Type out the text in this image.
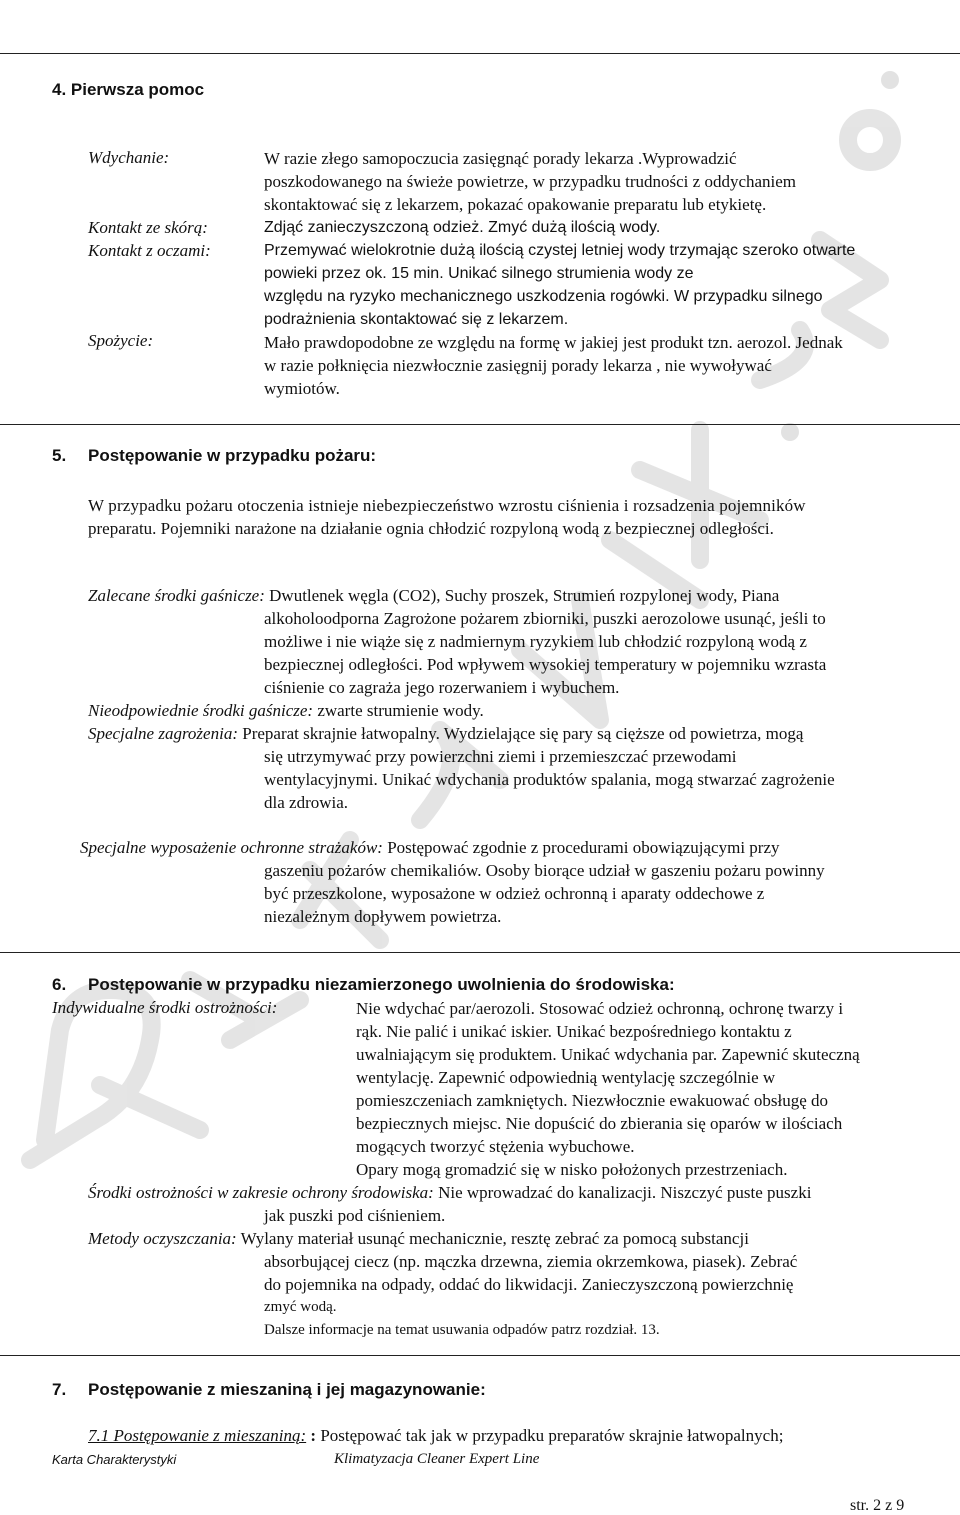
4. Pierwsza pomoc
Wdychanie:
Kontakt ze skórą:
Kontakt z oczami:
Spożycie:
W razie złego samopoczucia zasięgnąć porady lekarza .Wyprowadzić
poszkodowanego na świeże powietrze, w przypadku trudności z oddychaniem
skontaktować się z lekarzem, pokazać opakowanie preparatu lub etykietę.
Zdjąć zanieczyszczoną odzież. Zmyć dużą ilością wody.
Przemywać wielokrotnie dużą ilością czystej letniej wody trzymając szeroko otwarte
powieki przez ok. 15 min. Unikać silnego strumienia wody ze
względu na ryzyko mechanicznego uszkodzenia rogówki. W przypadku silnego
podrażnienia skontaktować się z lekarzem.
Mało prawdopodobne ze względu na formę w jakiej jest produkt tzn. aerozol. Jednak
w razie połknięcia niezwłocznie zasięgnij porady lekarza , nie wywoływać
wymiotów.
5. Postępowanie w przypadku pożaru:
W przypadku pożaru otoczenia istnieje niebezpieczeństwo wzrostu ciśnienia i rozsadzenia pojemników
preparatu. Pojemniki narażone na działanie ognia chłodzić rozpyloną wodą z bezpiecznej odległości.
Zalecane środki gaśnicze: Dwutlenek węgla (CO2), Suchy proszek, Strumień rozpylonej wody, Piana
alkoholoodporna Zagrożone pożarem zbiorniki, puszki aerozolowe usunąć, jeśli to
możliwe i nie wiąże się z nadmiernym ryzykiem lub chłodzić rozpyloną wodą z
bezpiecznej odległości. Pod wpływem wysokiej temperatury w pojemniku wzrasta
ciśnienie co zagraża jego rozerwaniem i wybuchem.
Nieodpowiednie środki gaśnicze: zwarte strumienie wody.
Specjalne zagrożenia: Preparat skrajnie łatwopalny. Wydzielające się pary są cięższe od powietrza, mogą
się utrzymywać przy powierzchni ziemi i przemieszczać przewodami
wentylacyjnymi. Unikać wdychania produktów spalania, mogą stwarzać zagrożenie
dla zdrowia.
Specjalne wyposażenie ochronne strażaków: Postępować zgodnie z procedurami obowiązującymi przy
gaszeniu pożarów chemikaliów. Osoby biorące udział w gaszeniu pożaru powinny
być przeszkolone, wyposażone w odzież ochronną i aparaty oddechowe z
niezależnym dopływem powietrza.
6. Postępowanie w przypadku niezamierzonego uwolnienia do środowiska:
Indywidualne środki ostrożności:	Nie wdychać par/aerozoli. Stosować odzież ochronną, ochronę twarzy i
rąk. Nie palić i unikać iskier. Unikać bezpośredniego kontaktu z
uwalniającym się produktem. Unikać wdychania par. Zapewnić skuteczną
wentylację. Zapewnić odpowiednią wentylację szczególnie w
pomieszczeniach zamkniętych. Niezwłocznie ewakuować obsługę do
bezpiecznych miejsc. Nie dopuścić do zbierania się oparów w ilościach
mogących tworzyć stężenia wybuchowe.
Opary mogą gromadzić się w nisko położonych przestrzeniach.
Środki ostrożności w zakresie ochrony środowiska: Nie wprowadzać do kanalizacji. Niszczyć puste puszki
jak puszki pod ciśnieniem.
Metody oczyszczania: Wylany materiał usunąć mechanicznie, resztę zebrać za pomocą substancji
absorbującej ciecz (np. mączka drzewna, ziemia okrzemkowa, piasek). Zebrać
do pojemnika na odpady, oddać do likwidacji. Zanieczyszczoną powierzchnię
zmyć wodą.
Dalsze informacje na temat usuwania odpadów patrz rozdział. 13.
7. Postępowanie z mieszaniną i jej magazynowanie:
7.1 Postępowanie z mieszaniną: : Postępować tak jak w przypadku preparatów skrajnie łatwopalnych;
Karta Charakterystyki	Klimatyzacja Cleaner Expert Line
str. 2 z 9
